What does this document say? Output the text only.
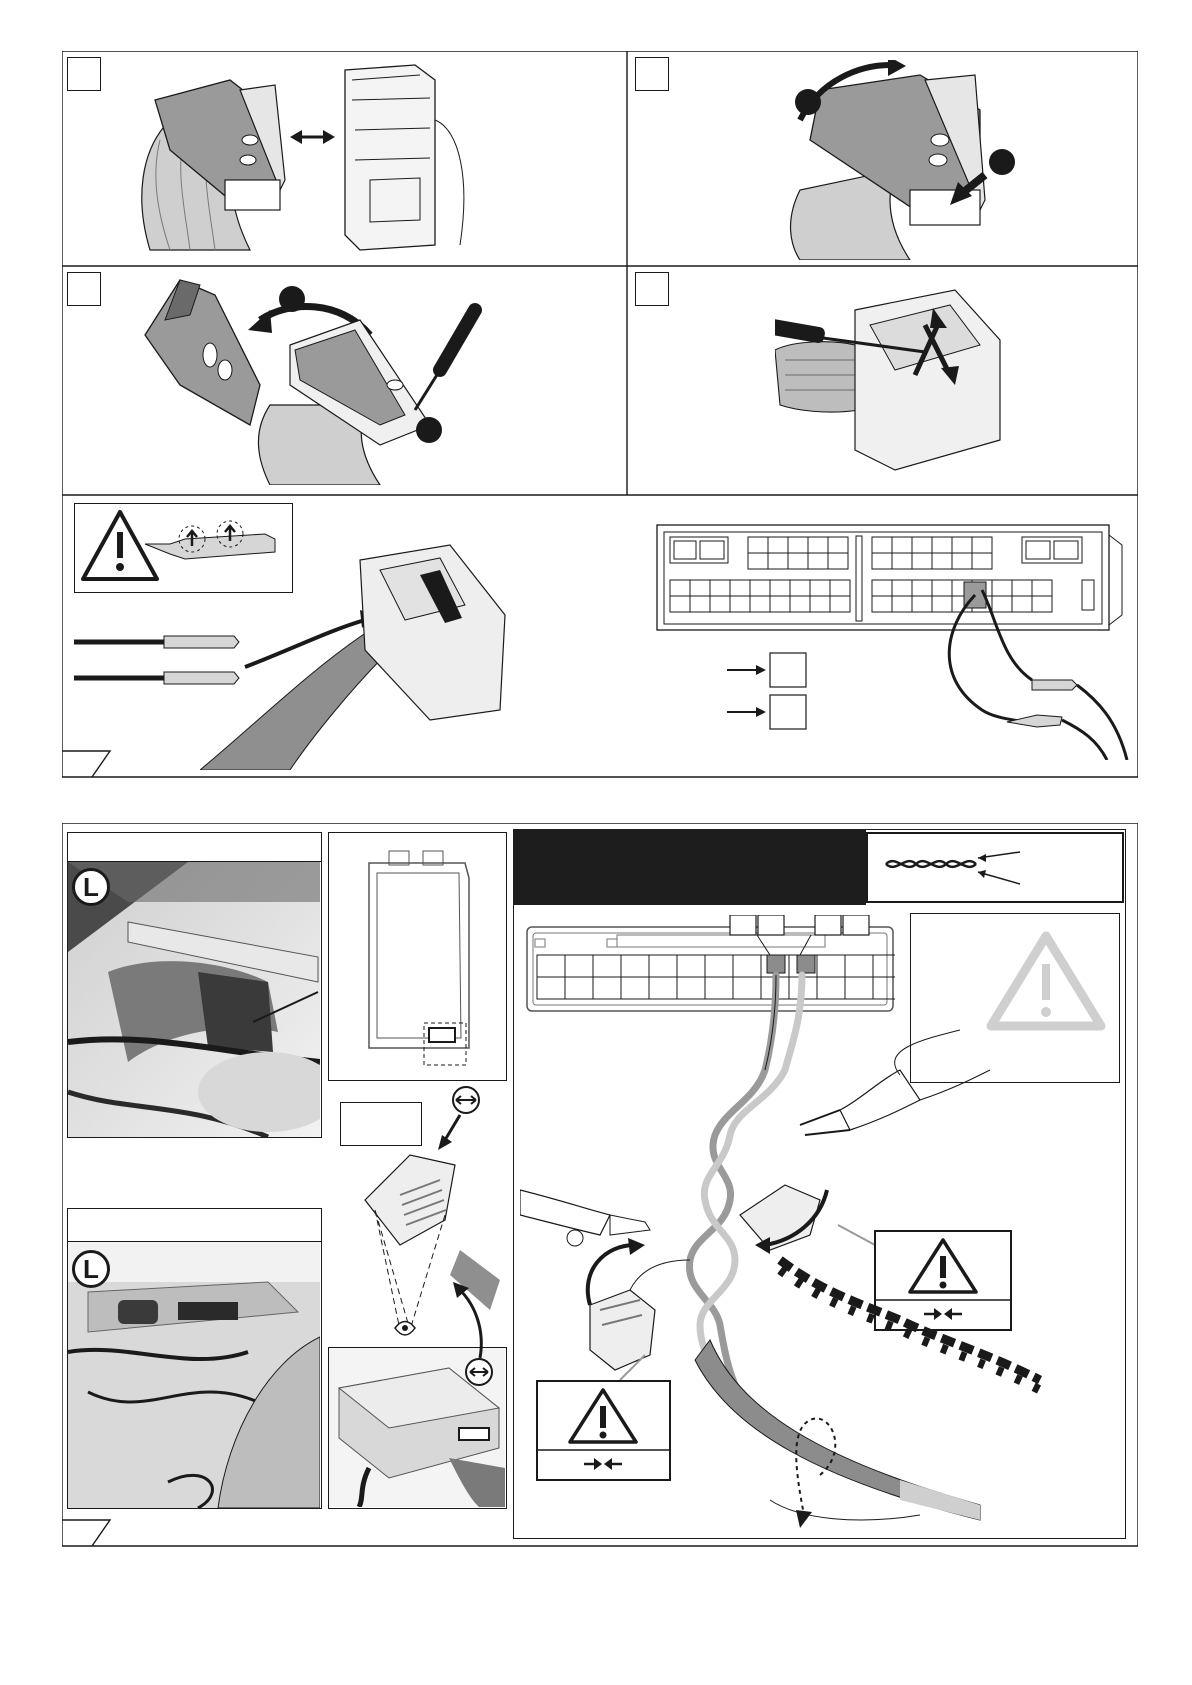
L
L
